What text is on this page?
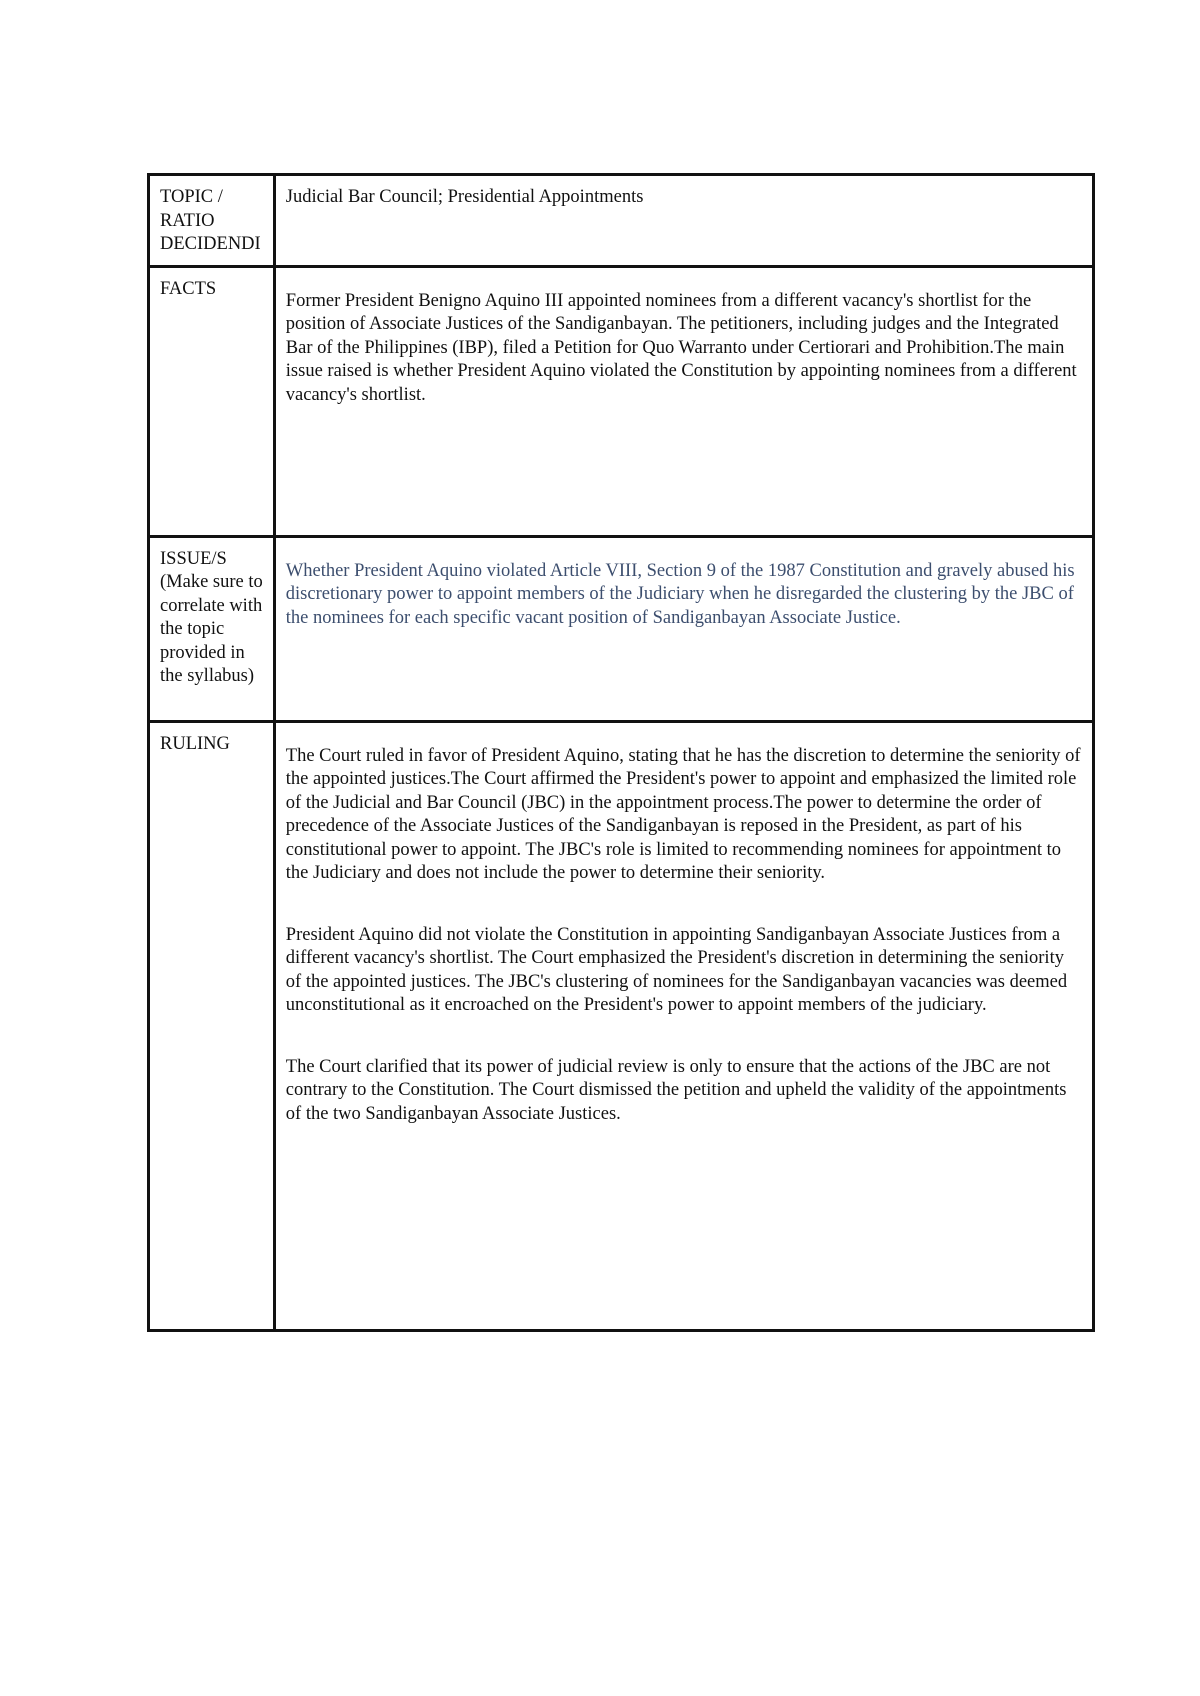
TOPIC / RATIO DECIDENDI	Judicial Bar Council; Presidential Appointments

FACTS	Former President Benigno Aquino III appointed nominees from a different vacancy's shortlist for the position of Associate Justices of the Sandiganbayan. The petitioners, including judges and the Integrated Bar of the Philippines (IBP), filed a Petition for Quo Warranto under Certiorari and Prohibition.The main issue raised is whether President Aquino violated the Constitution by appointing nominees from a different vacancy's shortlist.

ISSUE/S (Make sure to correlate with the topic provided in the syllabus)	Whether President Aquino violated Article VIII, Section 9 of the 1987 Constitution and gravely abused his discretionary power to appoint members of the Judiciary when he disregarded the clustering by the JBC of the nominees for each specific vacant position of Sandiganbayan Associate Justice.

RULING	The Court ruled in favor of President Aquino, stating that he has the discretion to determine the seniority of the appointed justices.The Court affirmed the President's power to appoint and emphasized the limited role of the Judicial and Bar Council (JBC) in the appointment process.The power to determine the order of precedence of the Associate Justices of the Sandiganbayan is reposed in the President, as part of his constitutional power to appoint. The JBC's role is limited to recommending nominees for appointment to the Judiciary and does not include the power to determine their seniority.

President Aquino did not violate the Constitution in appointing Sandiganbayan Associate Justices from a different vacancy's shortlist. The Court emphasized the President's discretion in determining the seniority of the appointed justices. The JBC's clustering of nominees for the Sandiganbayan vacancies was deemed unconstitutional as it encroached on the President's power to appoint members of the judiciary.

The Court clarified that its power of judicial review is only to ensure that the actions of the JBC are not contrary to the Constitution. The Court dismissed the petition and upheld the validity of the appointments of the two Sandiganbayan Associate Justices.
